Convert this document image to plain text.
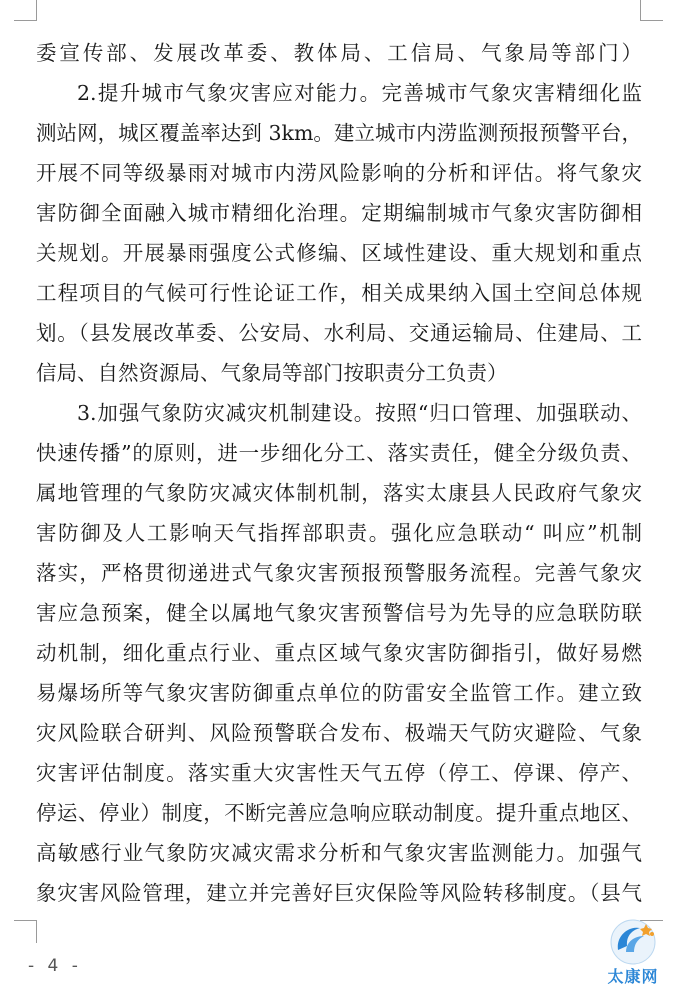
委宣传部、发展改革委、教体局、工信局、气象局等部门）
2.提升城市气象灾害应对能力。完善城市气象灾害精细化监
测站网，城区覆盖率达到 3km。建立城市内涝监测预报预警平台，
开展不同等级暴雨对城市内涝风险影响的分析和评估。将气象灾
害防御全面融入城市精细化治理。定期编制城市气象灾害防御相
关规划。开展暴雨强度公式修编、区域性建设、重大规划和重点
工程项目的气候可行性论证工作，相关成果纳入国土空间总体规
划。（县发展改革委、公安局、水利局、交通运输局、住建局、工
信局、自然资源局、气象局等部门按职责分工负责）
3.加强气象防灾减灾机制建设。按照“归口管理、加强联动、
快速传播”的原则，进一步细化分工、落实责任，健全分级负责、
属地管理的气象防灾减灾体制机制，落实太康县人民政府气象灾
害防御及人工影响天气指挥部职责。强化应急联动“ 叫应”机制
落实，严格贯彻递进式气象灾害预报预警服务流程。完善气象灾
害应急预案，健全以属地气象灾害预警信号为先导的应急联防联
动机制，细化重点行业、重点区域气象灾害防御指引，做好易燃
易爆场所等气象灾害防御重点单位的防雷安全监管工作。建立致
灾风险联合研判、风险预警联合发布、极端天气防灾避险、气象
灾害评估制度。落实重大灾害性天气五停（停工、停课、停产、
停运、停业）制度，不断完善应急响应联动制度。提升重点地区、
高敏感行业气象防灾减灾需求分析和气象灾害监测能力。加强气
象灾害风险管理，建立并完善好巨灾保险等风险转移制度。（县气
- 4 -
太康网
